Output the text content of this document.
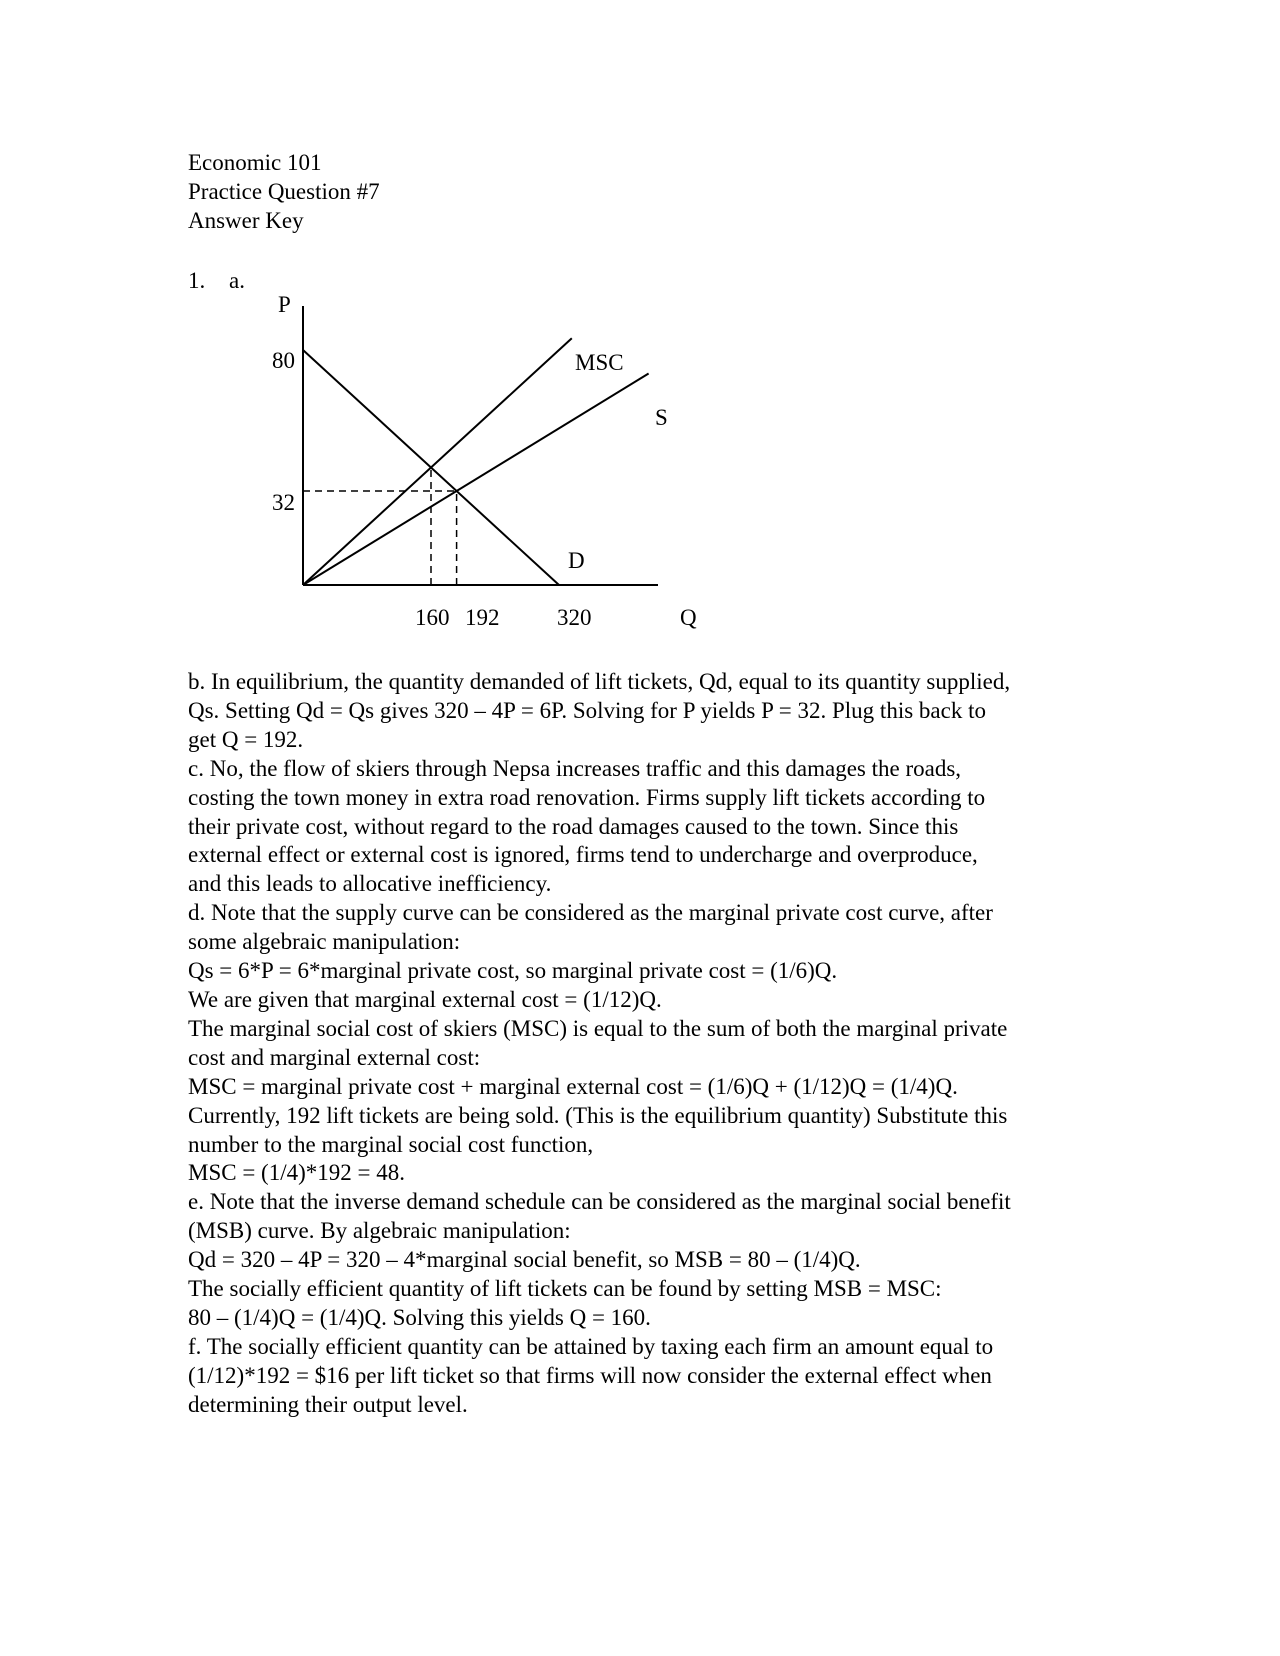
Economic 101
Practice Question #7
Answer Key
1. a.
P
Q
80
32
160 192	320
MSC
S
D
b. In equilibrium, the quantity demanded of lift tickets, Qd, equal to its quantity supplied,
Qs. Setting Qd = Qs gives 320 – 4P = 6P. Solving for P yields P = 32. Plug this back to
get Q = 192.
c. No, the flow of skiers through Nepsa increases traffic and this damages the roads,
costing the town money in extra road renovation. Firms supply lift tickets according to
their private cost, without regard to the road damages caused to the town. Since this
external effect or external cost is ignored, firms tend to undercharge and overproduce,
and this leads to allocative inefficiency.
d. Note that the supply curve can be considered as the marginal private cost curve, after
some algebraic manipulation:
Qs = 6*P = 6*marginal private cost, so marginal private cost = (1/6)Q.
We are given that marginal external cost = (1/12)Q.
The marginal social cost of skiers (MSC) is equal to the sum of both the marginal private
cost and marginal external cost:
MSC = marginal private cost + marginal external cost = (1/6)Q + (1/12)Q = (1/4)Q.
Currently, 192 lift tickets are being sold. (This is the equilibrium quantity) Substitute this
number to the marginal social cost function,
MSC = (1/4)*192 = 48.
e. Note that the inverse demand schedule can be considered as the marginal social benefit
(MSB) curve. By algebraic manipulation:
Qd = 320 – 4P = 320 – 4*marginal social benefit, so MSB = 80 – (1/4)Q.
The socially efficient quantity of lift tickets can be found by setting MSB = MSC:
80 – (1/4)Q = (1/4)Q. Solving this yields Q = 160.
f. The socially efficient quantity can be attained by taxing each firm an amount equal to
(1/12)*192 = $16 per lift ticket so that firms will now consider the external effect when
determining their output level.
